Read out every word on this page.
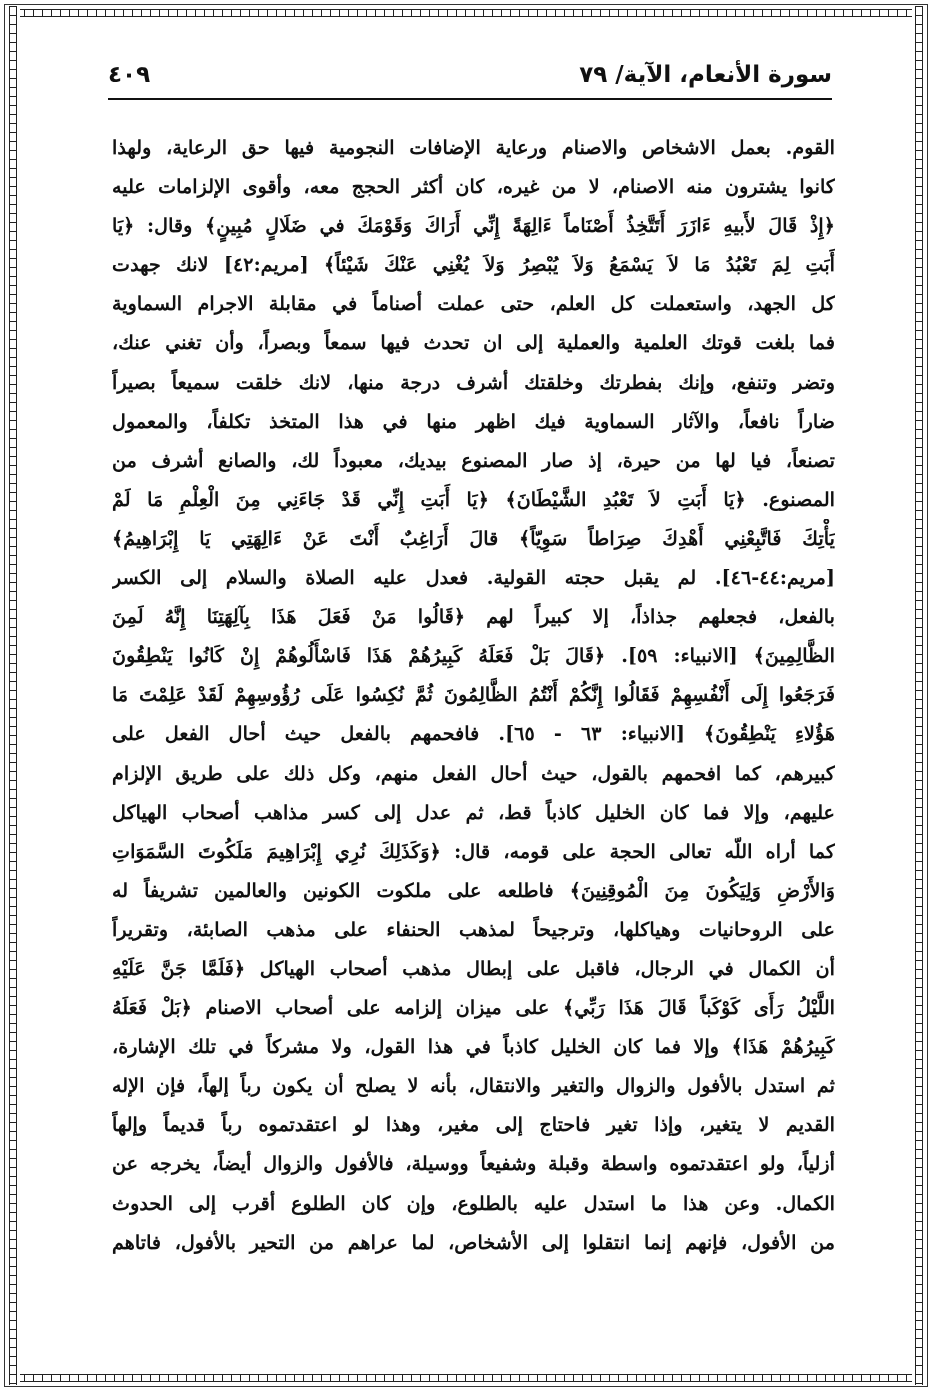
سورة الأنعام، الآية/ ٧٩
٤٠٩
القوم. بعمل الاشخاص والاصنام ورعاية الإضافات النجومية فيها حق الرعاية، ولهذا
كانوا يشترون منه الاصنام، لا من غيره، كان أكثر الحجج معه، وأقوى الإلزامات عليه
﴿إِذْ قَالَ لأَبيهِ ءَازَرَ أَتَتَّخِذُ أَصْنَاماً ءَالِهَةً إِنِّي أَرَاكَ وَقَوْمَكَ في ضَلَالٍ مُبِينٍ﴾ وقال: ﴿يَا
أَبَتِ لِمَ تَعْبُدُ مَا لاَ يَسْمَعُ وَلاَ يُبْصِرُ وَلاَ يُغْنِي عَنْكَ شَيْئاً﴾ [مريم:٤٢] لانك جهدت
كل الجهد، واستعملت كل العلم، حتى عملت أصناماً في مقابلة الاجرام السماوية
فما بلغت قوتك العلمية والعملية إلى ان تحدث فيها سمعاً وبصراً، وأن تغني عنك،
وتضر وتنفع، وإنك بفطرتك وخلقتك أشرف درجة منها، لانك خلقت سميعاً بصيراً
ضاراً نافعاً، والآثار السماوية فيك اظهر منها في هذا المتخذ تكلفاً، والمعمول
تصنعاً، فيا لها من حيرة، إذ صار المصنوع بيديك، معبوداً لك، والصانع أشرف من
المصنوع. ﴿يَا أَبَتِ لاَ تَعْبُدِ الشَّيْطَانَ﴾ ﴿يَا أَبَتِ إِنِّي قَدْ جَاءَنِي مِنَ الْعِلْمِ مَا لَمْ
يَأْتِكَ فَاتَّبِعْنِي أَهْدِكَ صِرَاطاً سَوِيّاً﴾ قالَ أَرَاغِبٌ أَنْتَ عَنْ ءَالِهَتِي يَا إِبْرَاهِيمُ﴾
[مريم:٤٤-٤٦]. لم يقبل حجته القولية. فعدل عليه الصلاة والسلام إلى الكسر
بالفعل، فجعلهم جذاذاً، إلا كبيراً لهم ﴿قَالُوا مَنْ فَعَلَ هَذَا بِآلِهَتِنَا إِنَّهُ لَمِنَ
الظَّالِمِينَ﴾ [الانبياء: ٥٩]. ﴿قَالَ بَلْ فَعَلَهُ كَبِيرُهُمْ هَذَا فَاسْأَلُوهُمْ إِنْ كَانُوا يَنْطِقُونَ
فَرَجَعُوا إِلَى أَنْفُسِهِمْ فَقَالُوا إِنَّكُمْ أَنْتُمُ الظَّالِمُونَ ثُمَّ نُكِسُوا عَلَى رُؤُوسِهِمْ لَقَدْ عَلِمْتَ مَا
هَؤُلاءِ يَنْطِقُونَ﴾ [الانبياء: ٦٣ - ٦٥]. فافحمهم بالفعل حيث أحال الفعل على
كبيرهم، كما افحمهم بالقول، حيث أحال الفعل منهم، وكل ذلك على طريق الإلزام
عليهم، وإلا فما كان الخليل كاذباً قط، ثم عدل إلى كسر مذاهب أصحاب الهياكل
كما أراه اللّه تعالى الحجة على قومه، قال: ﴿وَكَذَلِكَ نُرِي إِبْرَاهِيمَ مَلَكُوتَ السَّمَوَاتِ
وَالأَرْضِ وَلِيَكُونَ مِنَ الْمُوقِنِينَ﴾ فاطلعه على ملكوت الكونين والعالمين تشريفاً له
على الروحانيات وهياكلها، وترجيحاً لمذهب الحنفاء على مذهب الصابئة، وتقريراً
أن الكمال في الرجال، فاقبل على إبطال مذهب أصحاب الهياكل ﴿فَلَمَّا جَنَّ عَلَيْهِ
اللَّيْلُ رَأَى كَوْكَباً قَالَ هَذَا رَبِّي﴾ على ميزان إلزامه على أصحاب الاصنام ﴿بَلْ فَعَلَهُ
كَبِيرُهُمْ هَذَا﴾ وإلا فما كان الخليل كاذباً في هذا القول، ولا مشركاً في تلك الإشارة،
ثم استدل بالأفول والزوال والتغير والانتقال، بأنه لا يصلح أن يكون رباً إلهاً، فإن الإله
القديم لا يتغير، وإذا تغير فاحتاج إلى مغير، وهذا لو اعتقدتموه رباً قديماً وإلهاً
أزلياً، ولو اعتقدتموه واسطة وقبلة وشفيعاً ووسيلة، فالأفول والزوال أيضاً، يخرجه عن
الكمال. وعن هذا ما استدل عليه بالطلوع، وإن كان الطلوع أقرب إلى الحدوث
من الأفول، فإنهم إنما انتقلوا إلى الأشخاص، لما عراهم من التحير بالأفول، فاتاهم
